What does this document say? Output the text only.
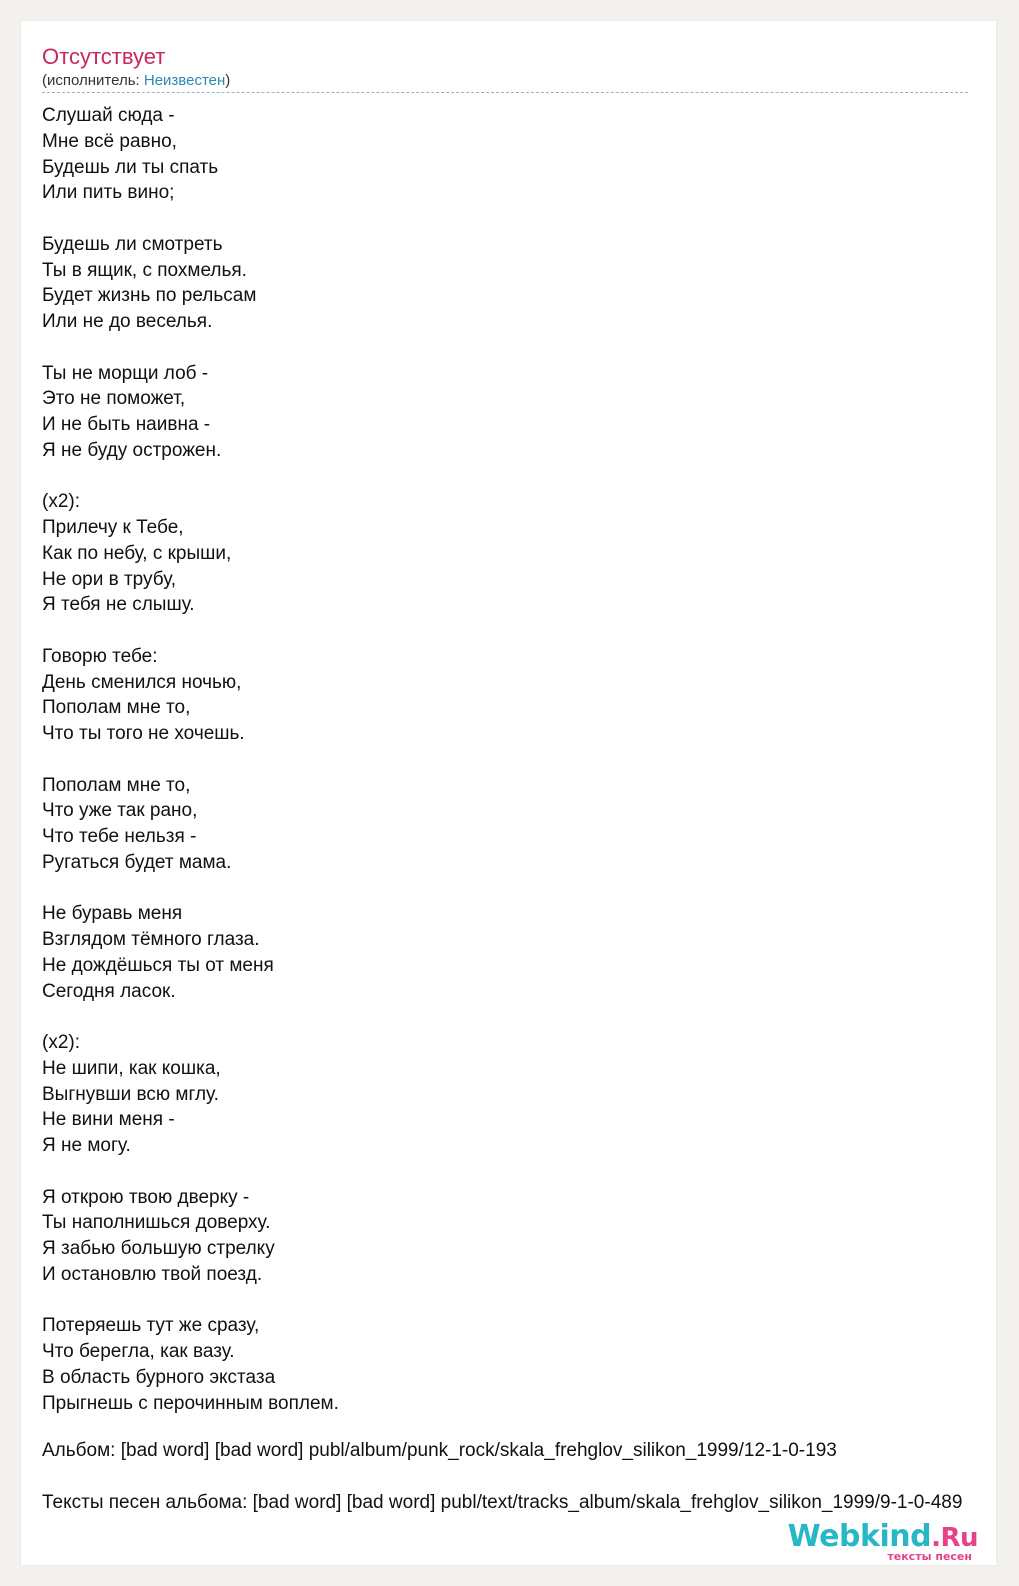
Отсутствует
(исполнитель: Неизвестен)
Слушай сюда -
Мне всё равно,
Будешь ли ты спать
Или пить вино;
Будешь ли смотреть
Ты в ящик, с похмелья.
Будет жизнь по рельсам
Или не до веселья.
Ты не морщи лоб -
Это не поможет,
И не быть наивна -
Я не буду острожен.
(x2):
Прилечу к Тебе,
Как по небу, с крыши,
Не ори в трубу,
Я тебя не слышу.
Говорю тебе:
День сменился ночью,
Пополам мне то,
Что ты того не хочешь.
Пополам мне то,
Что уже так рано,
Что тебе нельзя -
Ругаться будет мама.
Не буравь меня
Взглядом тёмного глаза.
Не дождёшься ты от меня
Сегодня ласок.
(x2):
Не шипи, как кошка,
Выгнувши всю мглу.
Не вини меня -
Я не могу.
Я открою твою дверку -
Ты наполнишься доверху.
Я забью большую стрелку
И остановлю твой поезд.
Потеряешь тут же сразу,
Что берегла, как вазу.
В область бурного экстаза
Прыгнешь с перочинным воплем.
Альбом: [bad word] [bad word] publ/album/punk_rock/skala_frehglov_silikon_1999/12-1-0-193
Тексты песен альбома: [bad word] [bad word] publ/text/tracks_album/skala_frehglov_silikon_1999/9-1-0-489
Webkind.Ru
тексты песен
